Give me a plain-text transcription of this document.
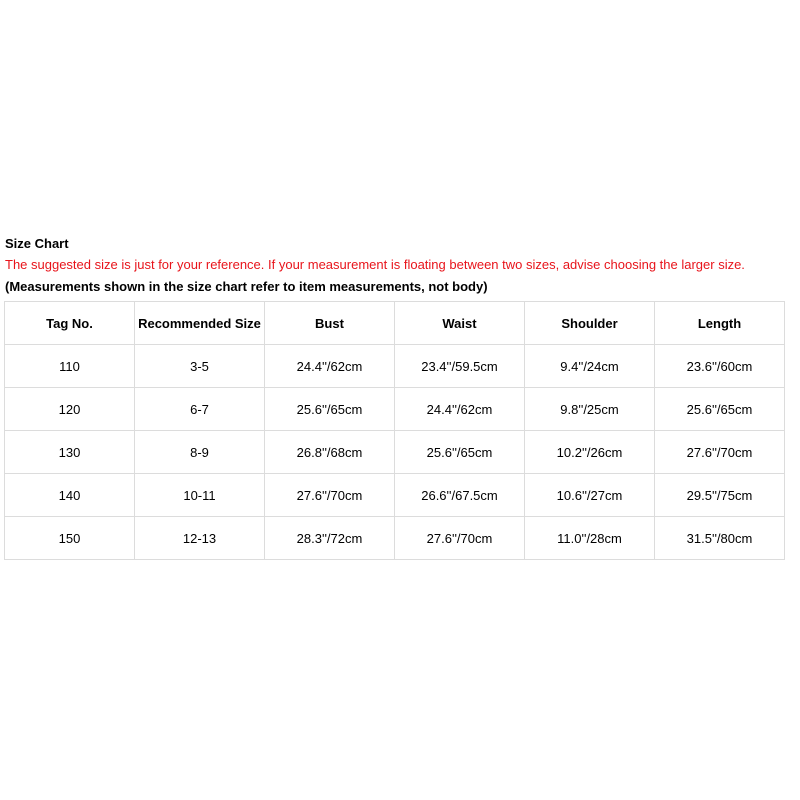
Size Chart

The suggested size is just for your reference. If your measurement is floating between two sizes, advise choosing the larger size.

(Measurements shown in the size chart refer to item measurements, not body)

Tag No.	Recommended Size	Bust	Waist	Shoulder	Length
110	3-5	24.4''/62cm	23.4''/59.5cm	9.4''/24cm	23.6''/60cm
120	6-7	25.6''/65cm	24.4''/62cm	9.8''/25cm	25.6''/65cm
130	8-9	26.8''/68cm	25.6''/65cm	10.2''/26cm	27.6''/70cm
140	10-11	27.6''/70cm	26.6''/67.5cm	10.6''/27cm	29.5''/75cm
150	12-13	28.3''/72cm	27.6''/70cm	11.0''/28cm	31.5''/80cm
